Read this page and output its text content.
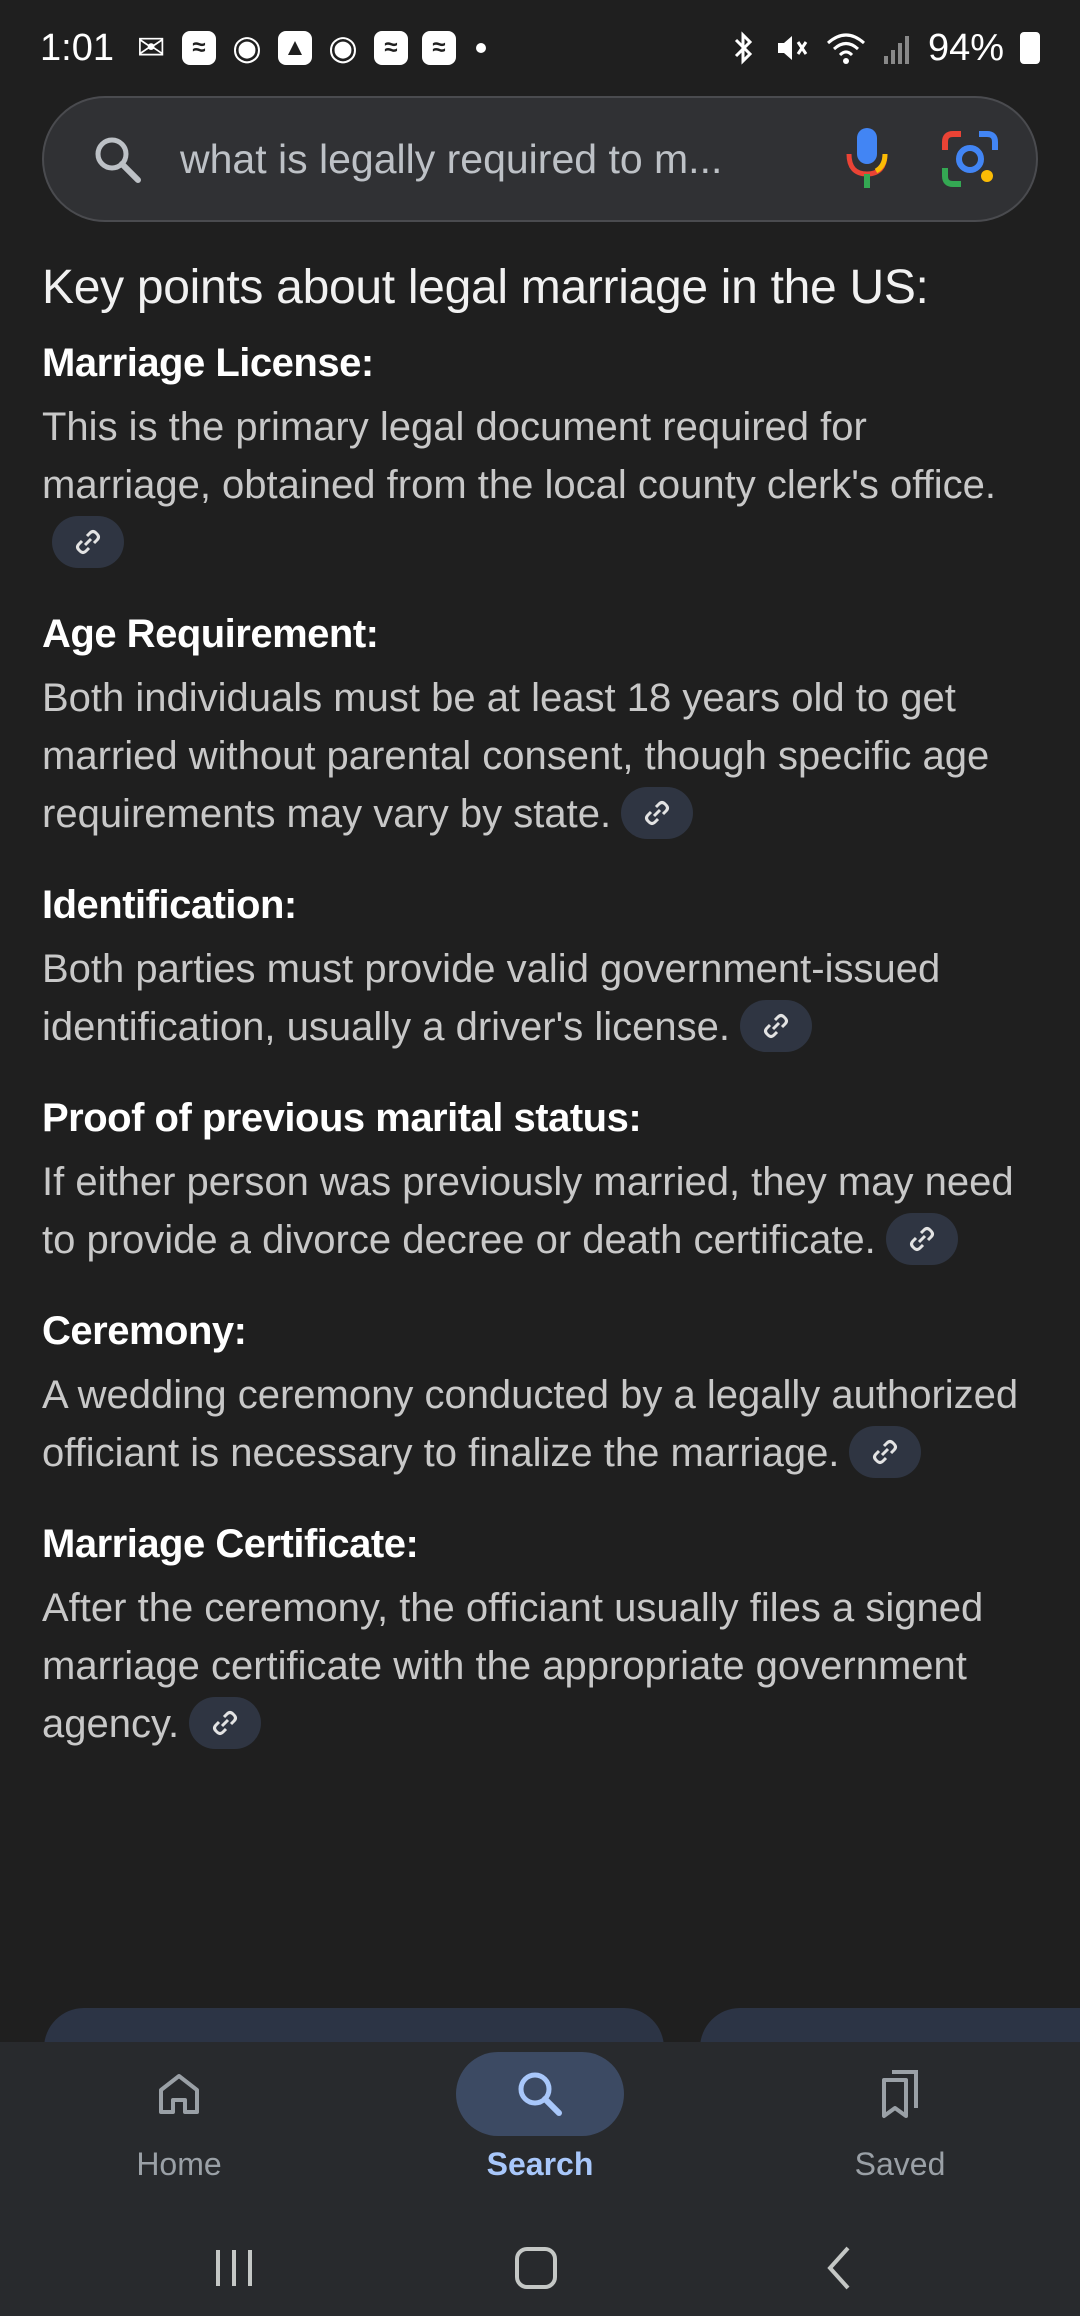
1:01 ✉	≈ ◉ ▲ ◉	≈	≈	94%
what is legally required to m...
Key points about legal marriage in the US:
Marriage License:
This is the primary legal document required for marriage, obtained from the local county clerk's office.
Age Requirement:
Both individuals must be at least 18 years old to get married without parental consent, though specific age requirements may vary by state.
Identification:
Both parties must provide valid government-issued identification, usually a driver's license.
Proof of previous marital status:
If either person was previously married, they may need to provide a divorce decree or death certificate.
Ceremony:
A wedding ceremony conducted by a legally authorized officiant is necessary to finalize the marriage.
Marriage Certificate:
After the ceremony, the officiant usually files a signed marriage certificate with the appropriate government agency.
Home	Search	Saved
